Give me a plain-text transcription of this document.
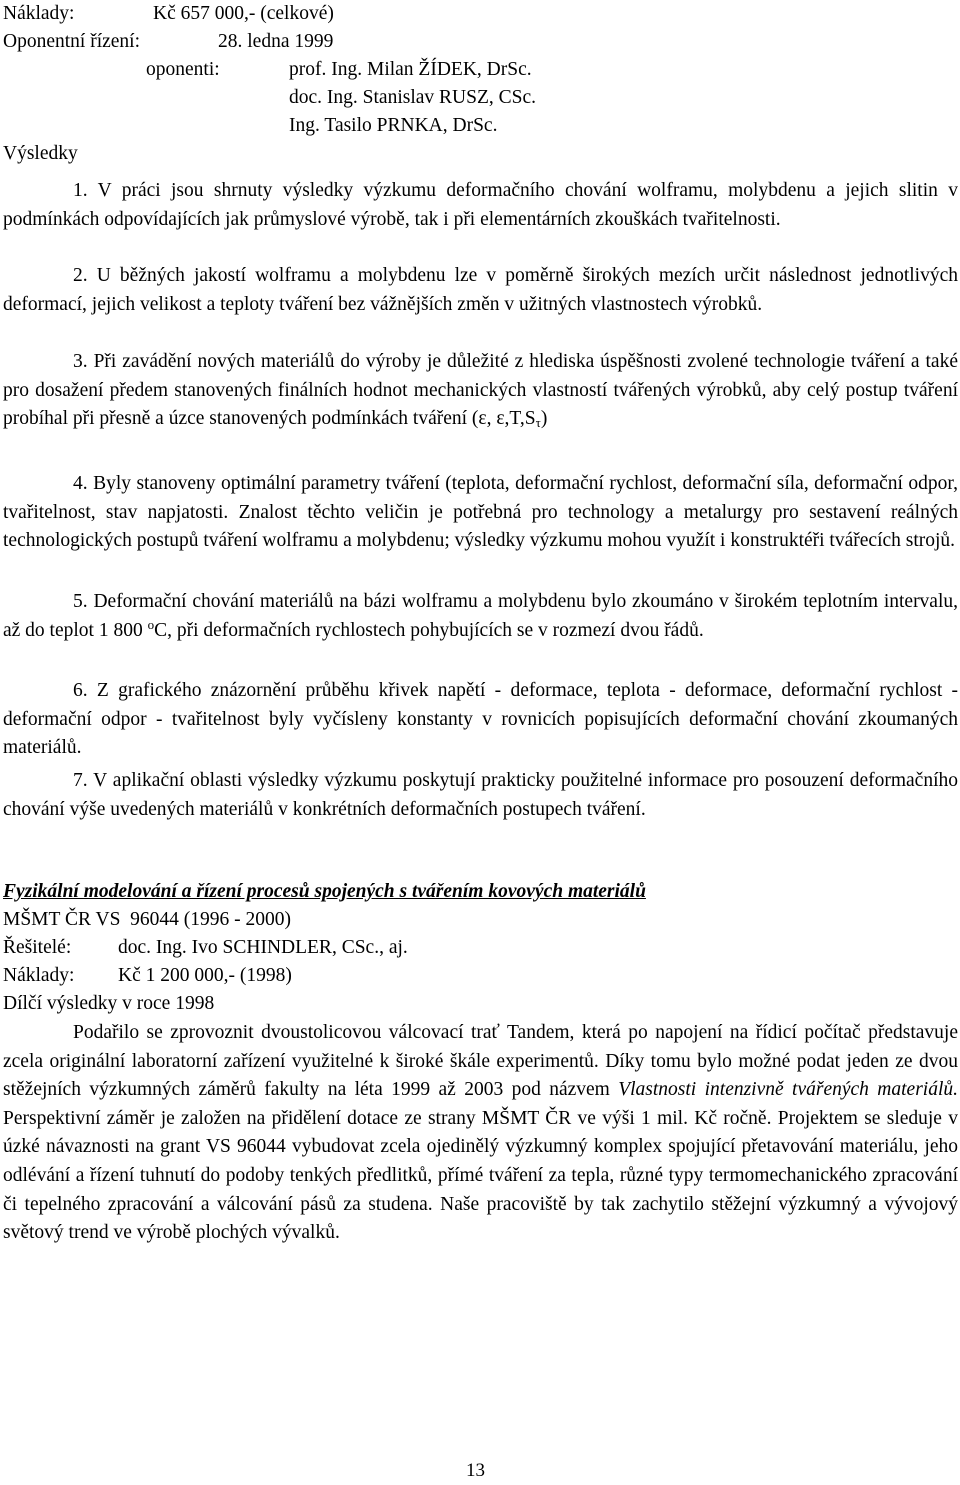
Náklady:	Kč 657 000,- (celkové)
Oponentní řízení:	28. ledna 1999
oponenti:	prof. Ing. Milan ŽÍDEK, DrSc.
doc. Ing. Stanislav RUSZ, CSc.
Ing. Tasilo PRNKA, DrSc.
Výsledky
1. V práci jsou shrnuty výsledky výzkumu deformačního chování wolframu, molybdenu a jejich slitin v podmínkách odpovídajících jak průmyslové výrobě, tak i při elementárních zkouškách tvařitelnosti.
2. U běžných jakostí wolframu a molybdenu lze v poměrně širokých mezích určit následnost jednotlivých deformací, jejich velikost a teploty tváření bez vážnějších změn v užitných vlastnostech výrobků.
3. Při zavádění nových materiálů do výroby je důležité z hlediska úspěšnosti zvolené technologie tváření a také pro dosažení předem stanovených finálních hodnot mechanických vlastností tvářených výrobků, aby celý postup tváření probíhal při přesně a úzce stanovených podmínkách tváření (ε, $\varepsilon,T,S_\tau$)
4. Byly stanoveny optimální parametry tváření (teplota, deformační rychlost, deformační síla, deformační odpor, tvařitelnost, stav napjatosti. Znalost těchto veličin je potřebná pro technology a metalurgy pro sestavení reálných technologických postupů tváření wolframu a molybdenu; výsledky výzkumu mohou využít i konstruktéři tvářecích strojů.
5. Deformační chování materiálů na bázi wolframu a molybdenu bylo zkoumáno v širokém teplotním intervalu, až do teplot 1 800 $^o$C, při deformačních rychlostech pohybujících se v rozmezí dvou řádů.
6. Z grafického znázornění průběhu křivek napětí - deformace, teplota - deformace, deformační rychlost - deformační odpor - tvařitelnost byly vyčísleny konstanty v rovnicích popisujících deformační chování zkoumaných materiálů.
7. V aplikační oblasti výsledky výzkumu poskytují prakticky použitelné informace pro posouzení deformačního chování výše uvedených materiálů v konkrétních deformačních postupech tváření.
Fyzikální modelování a řízení procesů spojených s tvářením kovových materiálů
MŠMT ČR VS  96044 (1996 - 2000)
Řešitelé: doc. Ing. Ivo SCHINDLER, CSc., aj.
Náklady: Kč 1 200 000,- (1998)
Dílčí výsledky v roce 1998
Podařilo se zprovoznit dvoustolicovou válcovací trať Tandem, která po napojení na řídicí počítač představuje zcela originální laboratorní zařízení využitelné k široké škále experimentů. Díky tomu bylo možné podat jeden ze dvou stěžejních výzkumných záměrů fakulty na léta 1999 až 2003 pod názvem Vlastnosti intenzivně tvářených materiálů. Perspektivní záměr je založen na přidělení dotace ze strany MŠMT ČR ve výši 1 mil. Kč ročně. Projektem se sleduje v úzké návaznosti na grant VS 96044 vybudovat zcela ojedinělý výzkumný komplex spojující přetavování materiálu, jeho odlévání a řízení tuhnutí do podoby tenkých předlitků, přímé tváření za tepla, různé typy termomechanického zpracování či tepelného zpracování a válcování pásů za studena. Naše pracoviště by tak zachytilo stěžejní výzkumný a vývojový světový trend ve výrobě plochých vývalků.
13
